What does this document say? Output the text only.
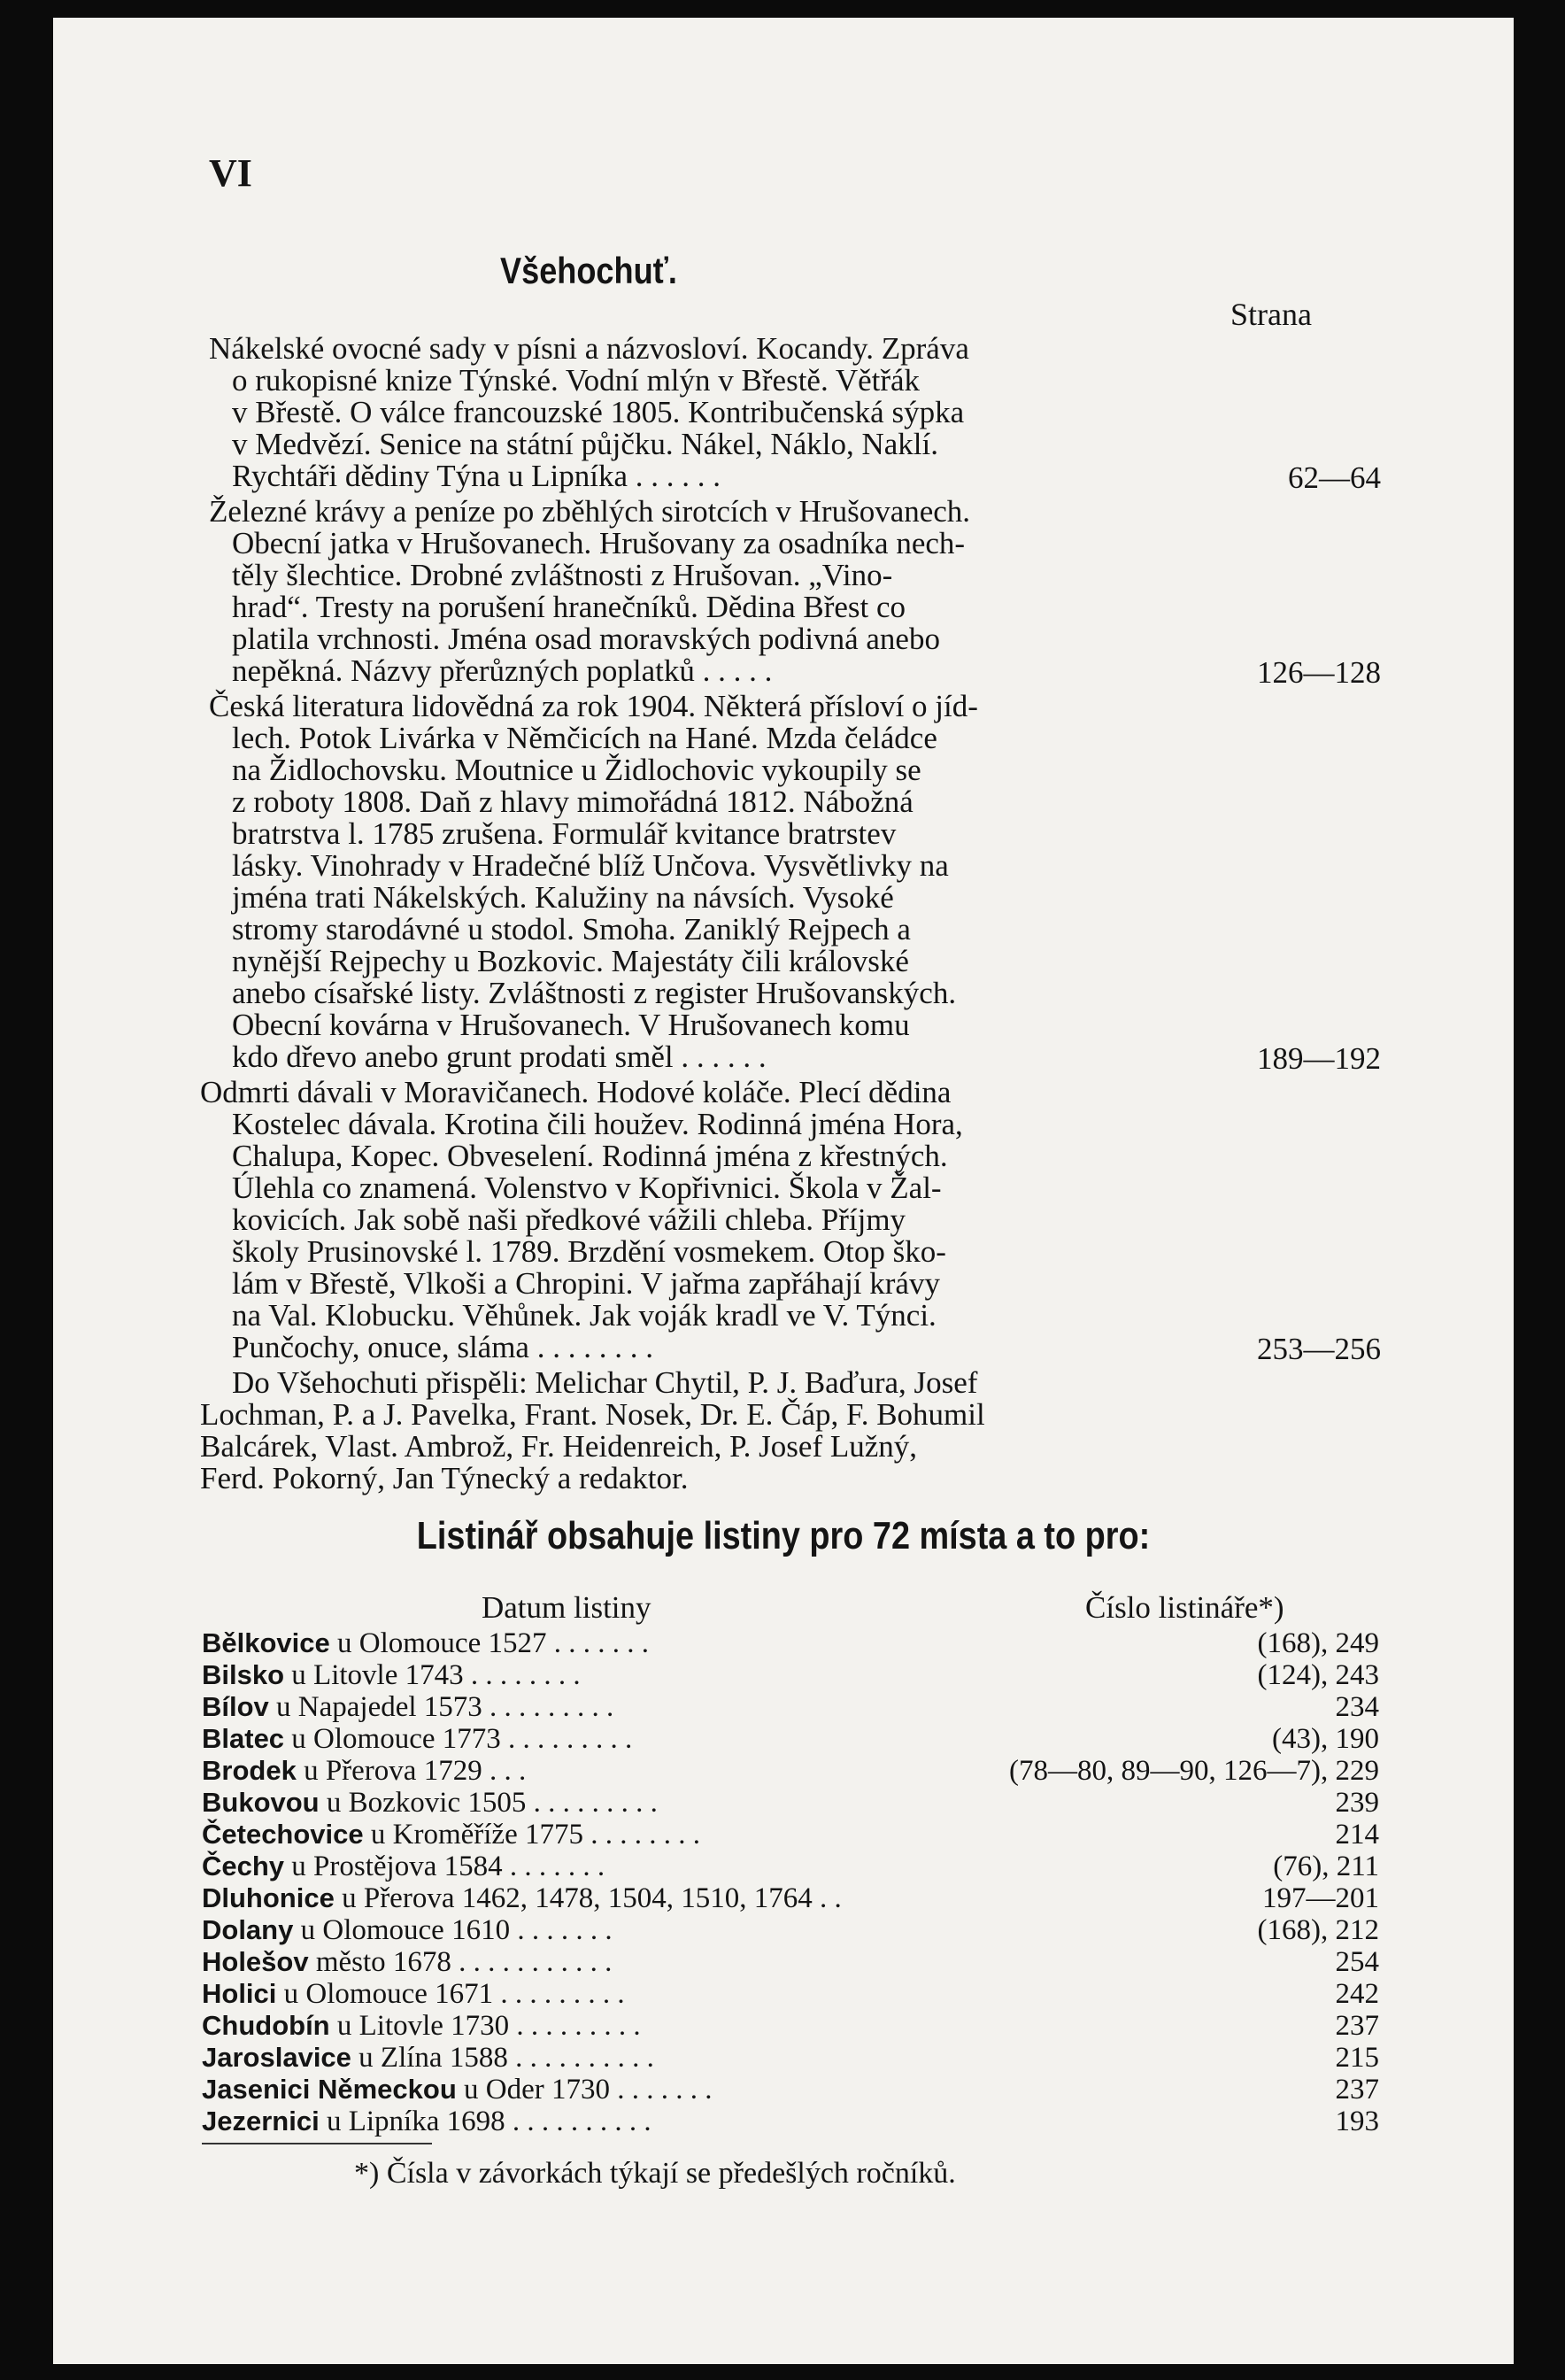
VI
Všehochuť.
Strana
Nákelské ovocné sady v písni a názvosloví. Kocandy. Zpráva
o rukopisné knize Týnské. Vodní mlýn v Břestě. Větřák
v Břestě. O válce francouzské 1805. Kontribučenská sýpka
v Medvězí. Senice na státní půjčku. Nákel, Náklo, Naklí.
Rychtáři dědiny Týna u Lipníka . . . . . .	62—64
Železné krávy a peníze po zběhlých sirotcích v Hrušovanech.
Obecní jatka v Hrušovanech. Hrušovany za osadníka nech-
těly šlechtice. Drobné zvláštnosti z Hrušovan. „Vino-
hrad“. Tresty na porušení hranečníků. Dědina Břest co
platila vrchnosti. Jména osad moravských podivná anebo
nepěkná. Názvy přerůzných poplatků . . . . .	126—128
Česká literatura lidovědná za rok 1904. Některá přísloví o jíd-
lech. Potok Livárka v Němčicích na Hané. Mzda čeládce
na Židlochovsku. Moutnice u Židlochovic vykoupily se
z roboty 1808. Daň z hlavy mimořádná 1812. Nábožná
bratrstva l. 1785 zrušena. Formulář kvitance bratrstev
lásky. Vinohrady v Hradečné blíž Unčova. Vysvětlivky na
jména trati Nákelských. Kalužiny na návsích. Vysoké
stromy starodávné u stodol. Smoha. Zaniklý Rejpech a
nynější Rejpechy u Bozkovic. Majestáty čili královské
anebo císařské listy. Zvláštnosti z register Hrušovanských.
Obecní kovárna v Hrušovanech. V Hrušovanech komu
kdo dřevo anebo grunt prodati směl . . . . . .	189—192
Odmrti dávali v Moravičanech. Hodové koláče. Plecí dědina
Kostelec dávala. Krotina čili houžev. Rodinná jména Hora,
Chalupa, Kopec. Obveselení. Rodinná jména z křestných.
Úlehla co znamená. Volenstvo v Kopřivnici. Škola v Žal-
kovicích. Jak sobě naši předkové vážili chleba. Příjmy
školy Prusinovské l. 1789. Brzdění vosmekem. Otop ško-
lám v Břestě, Vlkoši a Chropini. V jařma zapřáhají krávy
na Val. Klobucku. Věhůnek. Jak voják kradl ve V. Týnci.
Punčochy, onuce, sláma . . . . . . . .	253—256
Do Všehochuti přispěli: Melichar Chytil, P. J. Baďura, Josef
Lochman, P. a J. Pavelka, Frant. Nosek, Dr. E. Čáp, F. Bohumil
Balcárek, Vlast. Ambrož, Fr. Heidenreich, P. Josef Lužný,
Ferd. Pokorný, Jan Týnecký a redaktor.
Listinář obsahuje listiny pro 72 místa a to pro:
Datum listiny	Číslo listináře*)
Bělkovice u Olomouce 1527 . . . . . . .	(168), 249
Bilsko u Litovle 1743 . . . . . . . .	(124), 243
Bílov u Napajedel 1573 . . . . . . . . .	234
Blatec u Olomouce 1773 . . . . . . . . .	(43), 190
Brodek u Přerova 1729 . . .	(78—80, 89—90, 126—7), 229
Bukovou u Bozkovic 1505 . . . . . . . . .	239
Četechovice u Kroměříže 1775 . . . . . . . .	214
Čechy u Prostějova 1584 . . . . . . .	(76), 211
Dluhonice u Přerova 1462, 1478, 1504, 1510, 1764 . .	197—201
Dolany u Olomouce 1610 . . . . . . .	(168), 212
Holešov město 1678 . . . . . . . . . . .	254
Holici u Olomouce 1671 . . . . . . . . .	242
Chudobín u Litovle 1730 . . . . . . . . .	237
Jaroslavice u Zlína 1588 . . . . . . . . . .	215
Jasenici Německou u Oder 1730 . . . . . . .	237
Jezernici u Lipníka 1698 . . . . . . . . . .	193
*) Čísla v závorkách týkají se předešlých ročníků.
